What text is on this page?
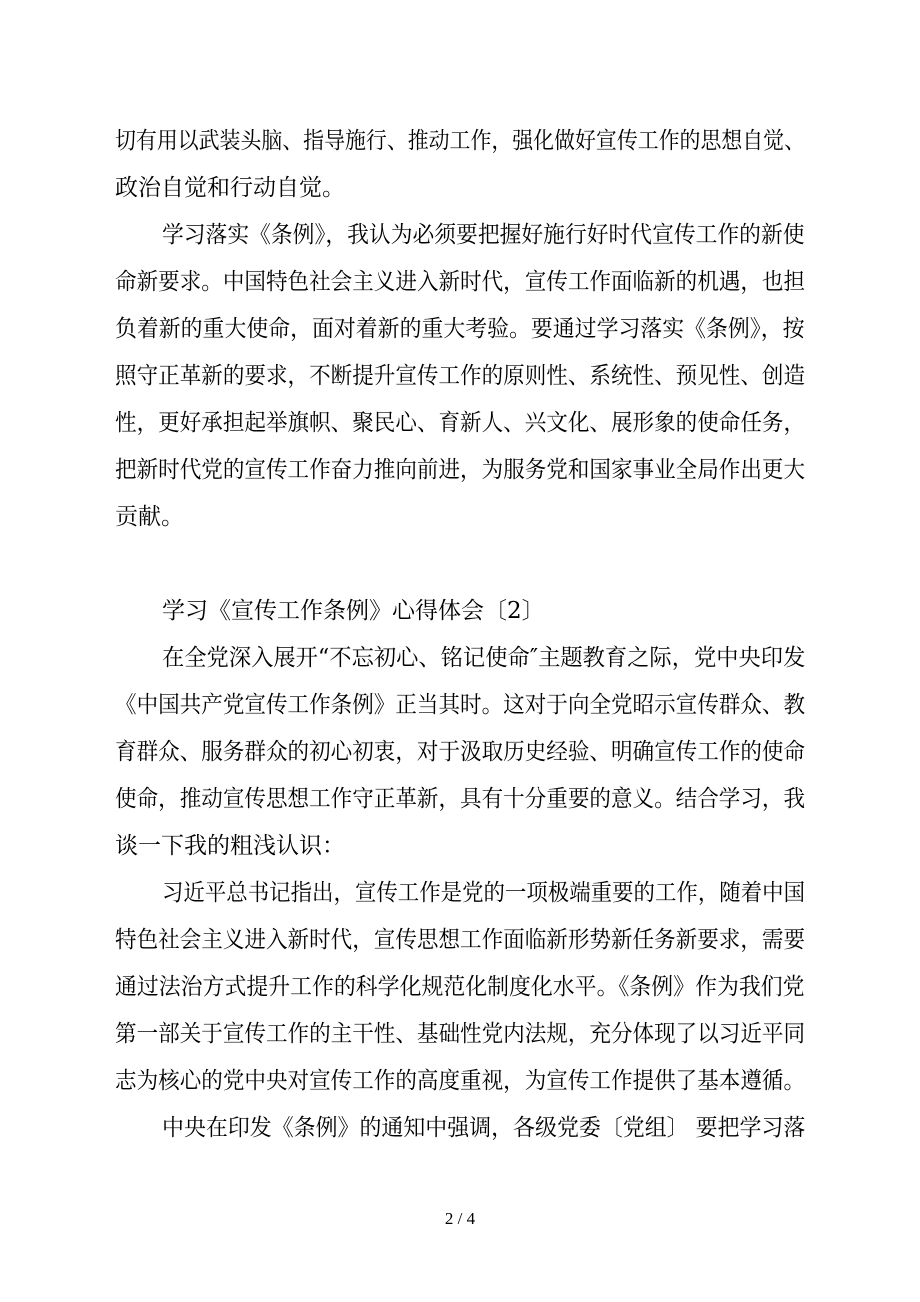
切有用以武装头脑、指导施行、推动工作，强化做好宣传工作的思想自觉、
政治自觉和行动自觉。
学习落实《条例》，我认为必须要把握好施行好时代宣传工作的新使
命新要求。中国特色社会主义进入新时代，宣传工作面临新的机遇，也担
负着新的重大使命，面对着新的重大考验。要通过学习落实《条例》，按
照守正革新的要求，不断提升宣传工作的原则性、系统性、预见性、创造
性，更好承担起举旗帜、聚民心、育新人、兴文化、展形象的使命任务，
把新时代党的宣传工作奋力推向前进，为服务党和国家事业全局作出更大
贡献。
学习《宣传工作条例》心得体会〔2〕
在全党深入展开“不忘初心、铭记使命″主题教育之际，党中央印发
《中国共产党宣传工作条例》正当其时。这对于向全党昭示宣传群众、教
育群众、服务群众的初心初衷，对于汲取历史经验、明确宣传工作的使命
使命，推动宣传思想工作守正革新，具有十分重要的意义。结合学习，我
谈一下我的粗浅认识：
习近平总书记指出，宣传工作是党的一项极端重要的工作，随着中国
特色社会主义进入新时代，宣传思想工作面临新形势新任务新要求，需要
通过法治方式提升工作的科学化规范化制度化水平。《条例》作为我们党
第一部关于宣传工作的主干性、基础性党内法规，充分体现了以习近平同
志为核心的党中央对宣传工作的高度重视，为宣传工作提供了基本遵循。
中央在印发《条例》的通知中强调，各级党委〔党组〕 要把学习落
2 / 4
